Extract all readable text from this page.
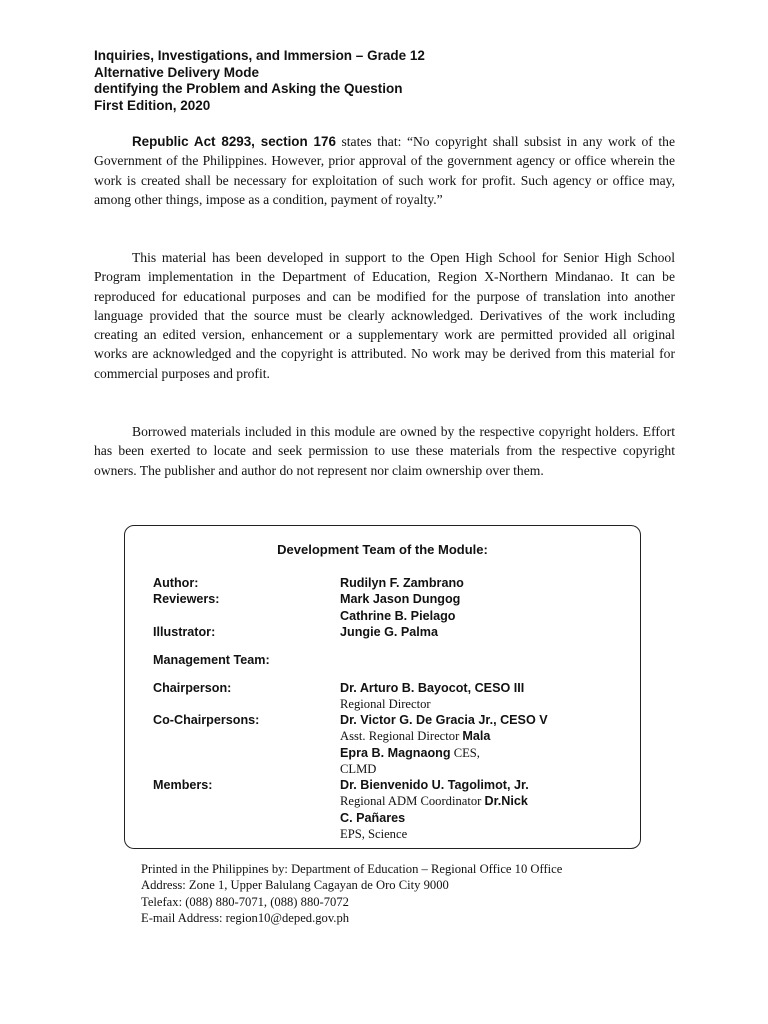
Inquiries, Investigations, and Immersion – Grade 12
Alternative Delivery Mode
dentifying the Problem and Asking the Question
First Edition, 2020

Republic Act 8293, section 176 states that: “No copyright shall subsist in any work of the Government of the Philippines. However, prior approval of the government agency or office wherein the work is created shall be necessary for exploitation of such work for profit. Such agency or office may, among other things, impose as a condition, payment of royalty.”

This material has been developed in support to the Open High School for Senior High School Program implementation in the Department of Education, Region X-Northern Mindanao. It can be reproduced for educational purposes and can be modified for the purpose of translation into another language provided that the source must be clearly acknowledged. Derivatives of the work including creating an edited version, enhancement or a supplementary work are permitted provided all original works are acknowledged and the copyright is attributed. No work may be derived from this material for commercial purposes and profit.

Borrowed materials included in this module are owned by the respective copyright holders. Effort has been exerted to locate and seek permission to use these materials from the respective copyright owners. The publisher and author do not represent nor claim ownership over them.

Development Team of the Module:
Author:	Rudilyn F. Zambrano
Reviewers:	Mark Jason Dungog
Cathrine B. Pielago
Illustrator:	Jungie G. Palma
Management Team:
Chairperson:	Dr. Arturo B. Bayocot, CESO III
Regional Director
Co-Chairpersons:	Dr. Victor G. De Gracia Jr., CESO V
Asst. Regional Director Mala
Epra B. Magnaong CES,
CLMD
Members:	Dr. Bienvenido U. Tagolimot, Jr.
Regional ADM Coordinator Dr.Nick
C. Pañares
EPS, Science
Printed in the Philippines by: Department of Education – Regional Office 10 Office
Address: Zone 1, Upper Balulang Cagayan de Oro City 9000
Telefax: (088) 880-7071, (088) 880-7072
E-mail Address: region10@deped.gov.ph
